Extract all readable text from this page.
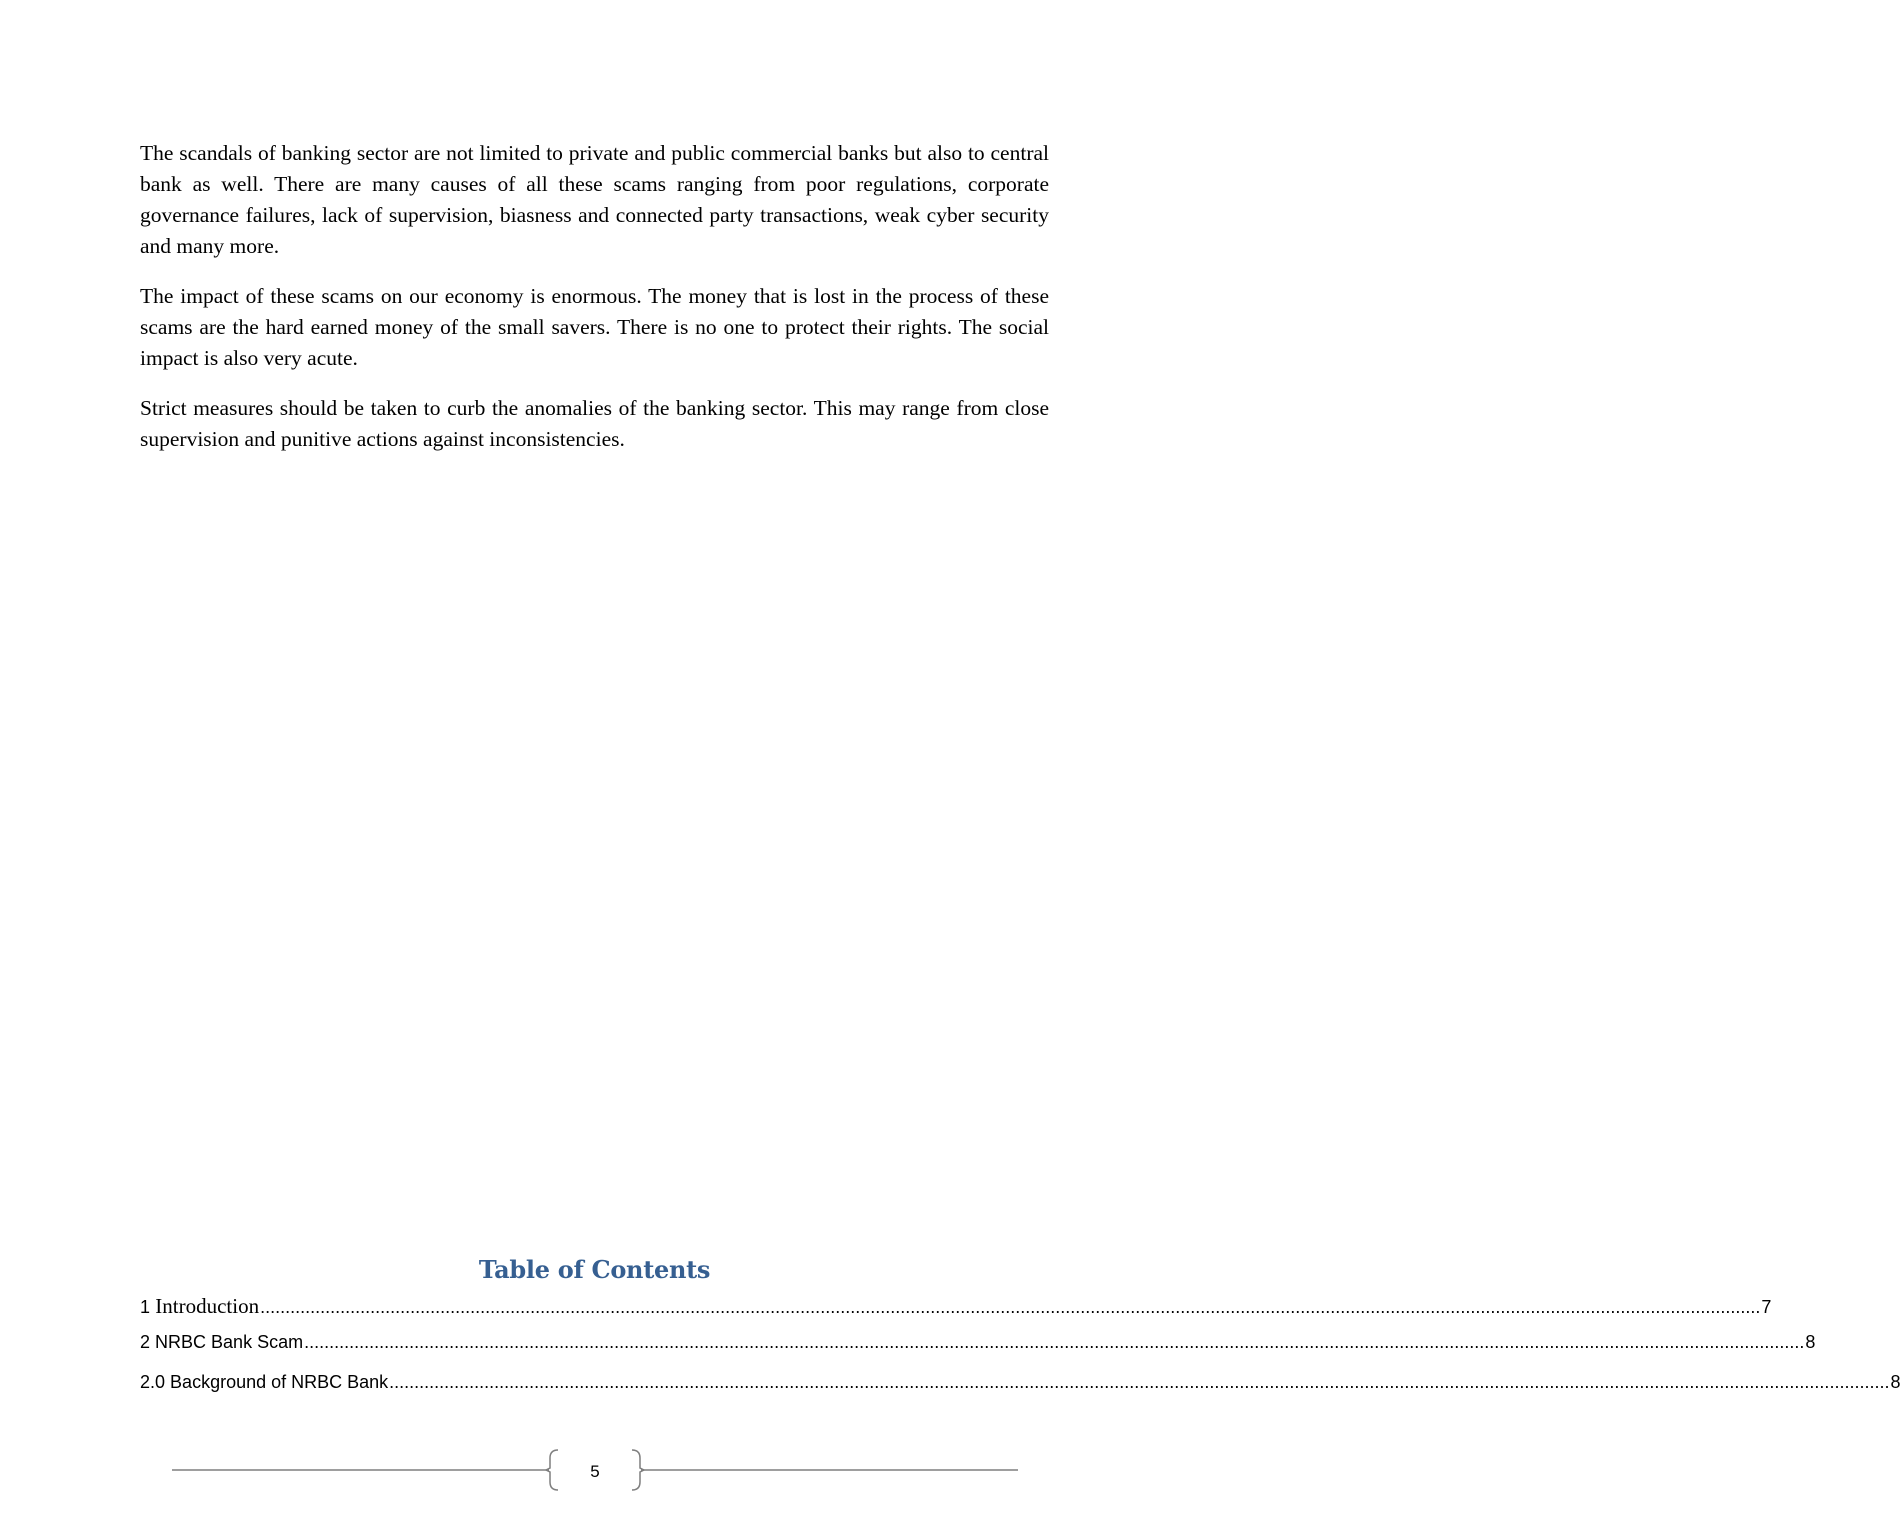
The scandals of banking sector are not limited to private and public commercial banks but also to central bank as well. There are many causes of all these scams ranging from poor regulations, corporate governance failures, lack of supervision, biasness and connected party transactions, weak cyber security and many more.

The impact of these scams on our economy is enormous. The money that is lost in the process of these scams are the hard earned money of the small savers. There is no one to protect their rights. The social impact is also very acute.

Strict measures should be taken to curb the anomalies of the banking sector. This may range from close supervision and punitive actions against inconsistencies.

Table of Contents
1 Introduction ............................................................................................................................................................................................................................................................................................................ 7
2 NRBC Bank Scam ............................................................................................................................................................................................................................................................................................................ 8
2.0 Background of NRBC Bank ............................................................................................................................................................................................................................................................................................................ 8
5
